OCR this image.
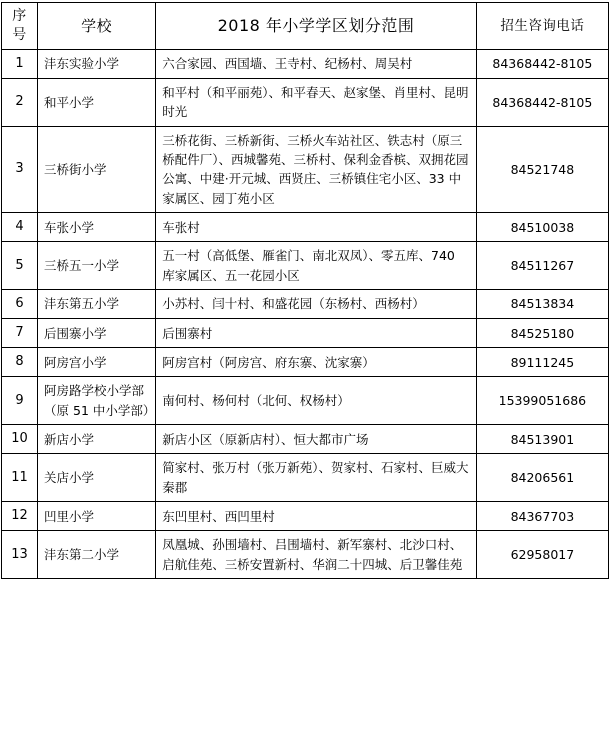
序号	学校	2018 年小学学区划分范围	招生咨询电话
1	沣东实验小学	六合家园、西国墙、王寺村、纪杨村、周吴村	84368442-8105
2	和平小学	和平村（和平丽苑）、和平春天、赵家堡、肖里村、昆明时光	84368442-8105
3	三桥街小学	三桥花街、三桥新街、三桥火车站社区、铁志村（原三桥配件厂）、西城馨苑、三桥村、保利金香槟、双拥花园公寓、中建·开元城、西贤庄、三桥镇住宅小区、33 中家属区、园丁苑小区	84521748
4	车张小学	车张村	84510038
5	三桥五一小学	五一村（高低堡、雁雀门、南北双凤）、零五库、740 库家属区、五一花园小区	84511267
6	沣东第五小学	小苏村、闫十村、和盛花园（东杨村、西杨村）	84513834
7	后围寨小学	后围寨村	84525180
8	阿房宫小学	阿房宫村（阿房宫、府东寨、沈家寨）	89111245
9	阿房路学校小学部（原 51 中小学部）	南何村、杨何村（北何、权杨村）	15399051686
10	新店小学	新店小区（原新店村）、恒大都市广场	84513901
11	关店小学	简家村、张万村（张万新苑）、贺家村、石家村、巨威大秦郡	84206561
12	凹里小学	东凹里村、西凹里村	84367703
13	沣东第二小学	凤凰城、孙围墙村、吕围墙村、新军寨村、北沙口村、启航佳苑、三桥安置新村、华润二十四城、后卫馨佳苑	62958017
